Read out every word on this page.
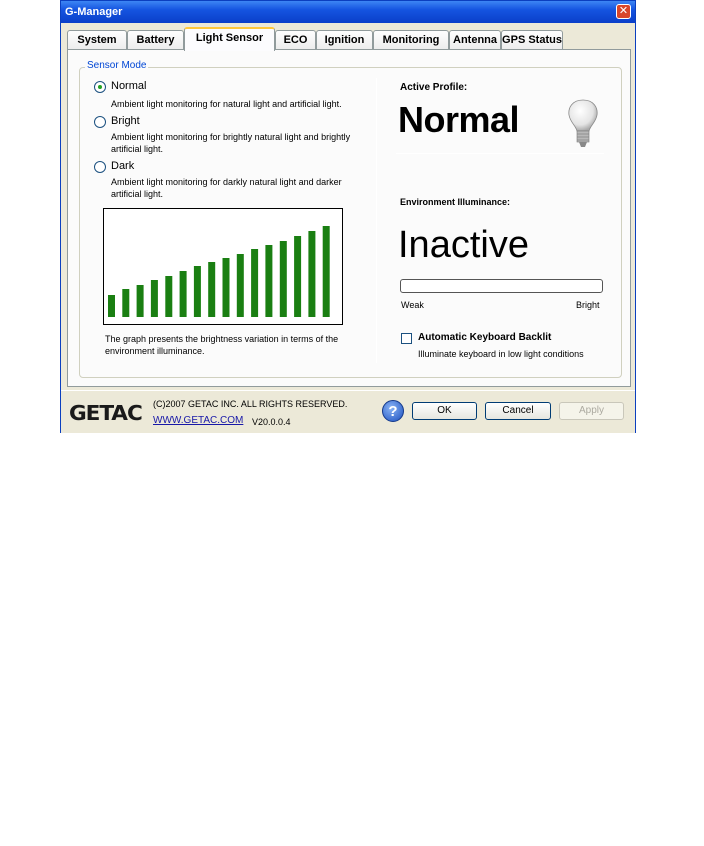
G-Manager	✕
System	Battery	Light Sensor	ECO	Ignition	Monitoring	Antenna GPS Status
Sensor Mode
Normal
Ambient light monitoring for natural light and artificial light.
Bright
Ambient light monitoring for brightly natural light and brightly artificial light.
Dark
Ambient light monitoring for darkly natural light and darker artificial light.
The graph presents the brightness variation in terms of the environment illuminance.
Active Profile:
Normal
Environment Illuminance:
Inactive
Weak	Bright
Automatic Keyboard Backlit
Illuminate keyboard in low light conditions
GETAC (C)2007 GETAC INC. ALL RIGHTS RESERVED.
WWW.GETAC.COM V20.0.0.4
?	OK	Cancel	Apply
